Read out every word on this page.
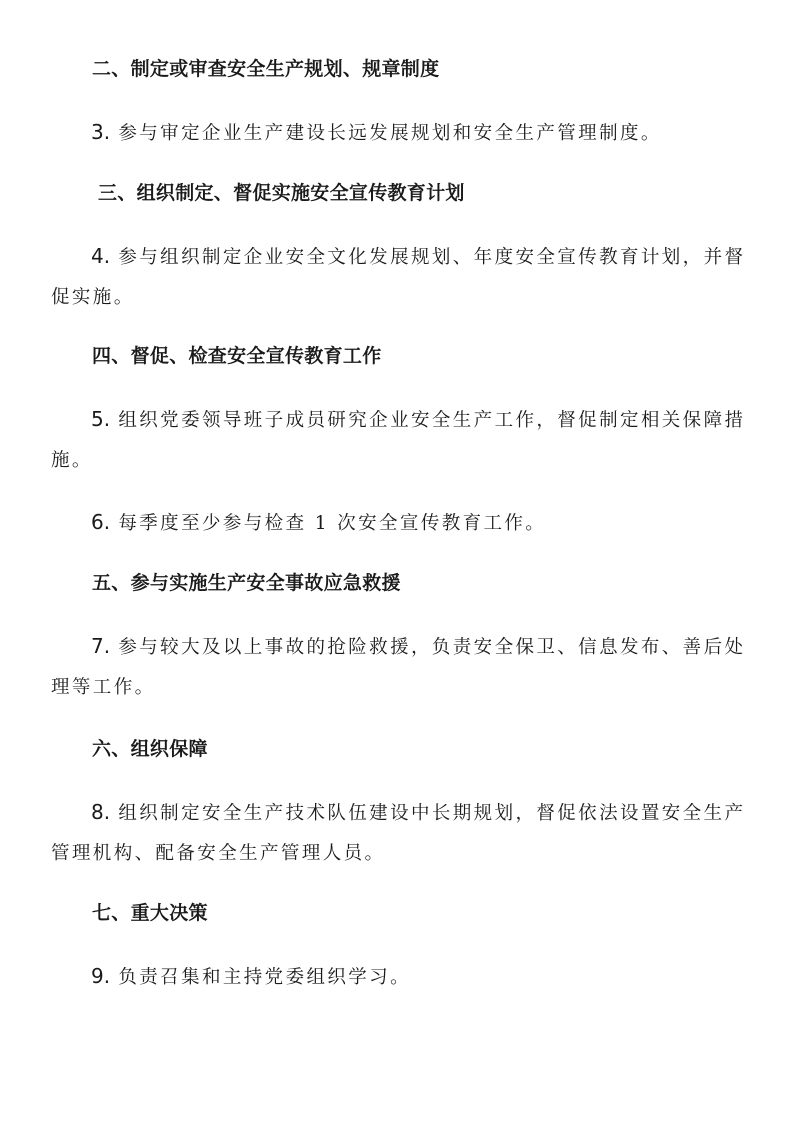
二、制定或审查安全生产规划、规章制度
3. 参与审定企业生产建设长远发展规划和安全生产管理制度。
三、组织制定、督促实施安全宣传教育计划
4. 参与组织制定企业安全文化发展规划、年度安全宣传教育计划，并督促实施。
四、督促、检查安全宣传教育工作
5. 组织党委领导班子成员研究企业安全生产工作，督促制定相关保障措施。
6. 每季度至少参与检查 1 次安全宣传教育工作。
五、参与实施生产安全事故应急救援
7. 参与较大及以上事故的抢险救援，负责安全保卫、信息发布、善后处理等工作。
六、组织保障
8. 组织制定安全生产技术队伍建设中长期规划，督促依法设置安全生产管理机构、配备安全生产管理人员。
七、重大决策
9. 负责召集和主持党委组织学习。
